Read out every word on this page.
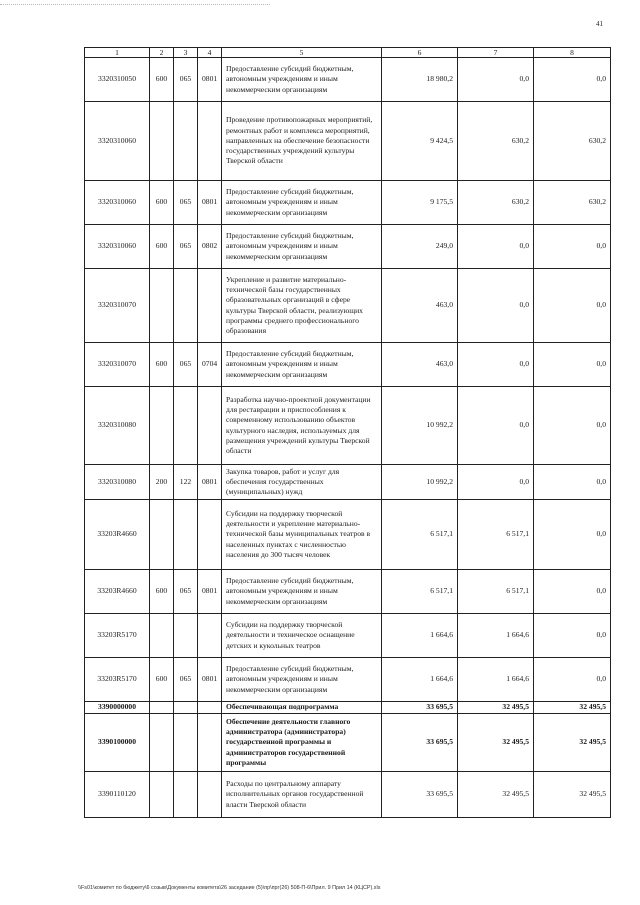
41
1	2	3	4	5	6	7	8
3320310050	600	065	0801	Предоставление субсидий бюджетным, автономным учреждениям и иным некоммерческим организациям	18 980,2	0,0	0,0
3320310060				Проведение противопожарных мероприятий, ремонтных работ и комплекса мероприятий, направленных на обеспечение безопасности государственных учреждений культуры Тверской области	9 424,5	630,2	630,2
3320310060	600	065	0801	Предоставление субсидий бюджетным, автономным учреждениям и иным некоммерческим организациям	9 175,5	630,2	630,2
3320310060	600	065	0802	Предоставление субсидий бюджетным, автономным учреждениям и иным некоммерческим организациям	249,0	0,0	0,0
3320310070				Укрепление и развитие материально-технической базы государственных образовательных организаций в сфере культуры Тверской области, реализующих программы среднего профессионального образования	463,0	0,0	0,0
3320310070	600	065	0704	Предоставление субсидий бюджетным, автономным учреждениям и иным некоммерческим организациям	463,0	0,0	0,0
3320310080				Разработка научно-проектной документации для реставрации и приспособления к современному использованию объектов культурного наследия, используемых для размещения учреждений культуры Тверской области	10 992,2	0,0	0,0
3320310080	200	122	0801	Закупка товаров, работ и услуг для обеспечения государственных (муниципальных) нужд	10 992,2	0,0	0,0
33203R4660				Субсидии на поддержку творческой деятельности и укрепление материально-технической базы муниципальных театров в населенных пунктах с численностью населения до 300 тысяч человек	6 517,1	6 517,1	0,0
33203R4660	600	065	0801	Предоставление субсидий бюджетным, автономным учреждениям и иным некоммерческим организациям	6 517,1	6 517,1	0,0
33203R5170				Субсидии на поддержку творческой деятельности и техническое оснащение детских и кукольных театров	1 664,6	1 664,6	0,0
33203R5170	600	065	0801	Предоставление субсидий бюджетным, автономным учреждениям и иным некоммерческим организациям	1 664,6	1 664,6	0,0
3390000000				Обеспечивающая подпрограмма	33 695,5	32 495,5	32 495,5
3390100000				Обеспечение деятельности главного администратора (администратора) государственной программы и администраторов государственной программы	33 695,5	32 495,5	32 495,5
3390110120				Расходы по центральному аппарату исполнительных органов государственной власти Тверской области	33 695,5	32 495,5	32 495,5
\\Fs01\комитет по бюджету\6 созыв\Документы комитета\26 заседание (5)\пр\прг(26) 508-П-6\Прил. 9 Прил 14 (КЦСР).xls
